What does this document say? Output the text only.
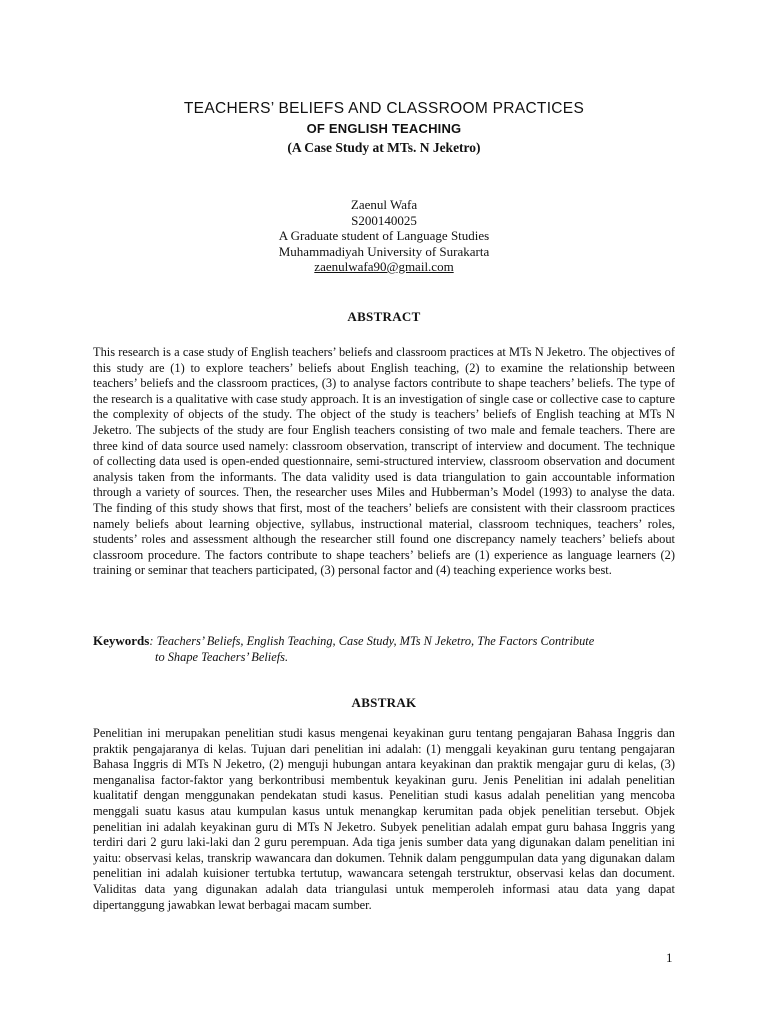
TEACHERS’ BELIEFS AND CLASSROOM PRACTICES
OF ENGLISH TEACHING
(A Case Study at MTs. N Jeketro)
Zaenul Wafa
S200140025
A Graduate student of Language Studies
Muhammadiyah University of Surakarta
zaenulwafa90@gmail.com
ABSTRACT

This research is a case study of English teachers’ beliefs and classroom practices at MTs N Jeketro. The objectives of this study are (1) to explore teachers’ beliefs about English teaching, (2) to examine the relationship between teachers’ beliefs and the classroom practices, (3) to analyse factors contribute to shape teachers’ beliefs. The type of the research is a qualitative with case study approach. It is an investigation of single case or collective case to capture the complexity of objects of the study. The object of the study is teachers’ beliefs of English teaching at MTs N Jeketro. The subjects of the study are four English teachers consisting of two male and female teachers. There are three kind of data source used namely: classroom observation, transcript of interview and document. The technique of collecting data used is open-ended questionnaire, semi-structured interview, classroom observation and document analysis taken from the informants. The data validity used is data triangulation to gain accountable information through a variety of sources. Then, the researcher uses Miles and Hubberman’s Model (1993) to analyse the data. The finding of this study shows that first, most of the teachers’ beliefs are consistent with their classroom practices namely beliefs about learning objective, syllabus, instructional material, classroom techniques, teachers’ roles, students’ roles and assessment although the researcher still found one discrepancy namely teachers’ beliefs about classroom procedure. The factors contribute to shape teachers’ beliefs are (1) experience as language learners (2) training or seminar that teachers participated, (3) personal factor and (4) teaching experience works best.

Keywords: Teachers’ Beliefs, English Teaching, Case Study, MTs N Jeketro, The Factors Contribute
to Shape Teachers’ Beliefs.
ABSTRAK

Penelitian ini merupakan penelitian studi kasus mengenai keyakinan guru tentang pengajaran Bahasa Inggris dan praktik pengajaranya di kelas. Tujuan dari penelitian ini adalah: (1) menggali keyakinan guru tentang pengajaran Bahasa Inggris di MTs N Jeketro, (2) menguji hubungan antara keyakinan dan praktik mengajar guru di kelas, (3) menganalisa factor-faktor yang berkontribusi membentuk keyakinan guru. Jenis Penelitian ini adalah penelitian kualitatif dengan menggunakan pendekatan studi kasus. Penelitian studi kasus adalah penelitian yang mencoba menggali suatu kasus atau kumpulan kasus untuk menangkap kerumitan pada objek penelitian tersebut. Objek penelitian ini adalah keyakinan guru di MTs N Jeketro. Subyek penelitian adalah empat guru bahasa Inggris yang terdiri dari 2 guru laki-laki dan 2 guru perempuan. Ada tiga jenis sumber data yang digunakan dalam penelitian ini yaitu: observasi kelas, transkrip wawancara dan dokumen. Tehnik dalam penggumpulan data yang digunakan dalam penelitian ini adalah kuisioner tertubka tertutup, wawancara setengah terstruktur, observasi kelas dan document. Validitas data yang digunakan adalah data triangulasi untuk memperoleh informasi atau data yang dapat dipertanggung jawabkan lewat berbagai macam sumber.

1
